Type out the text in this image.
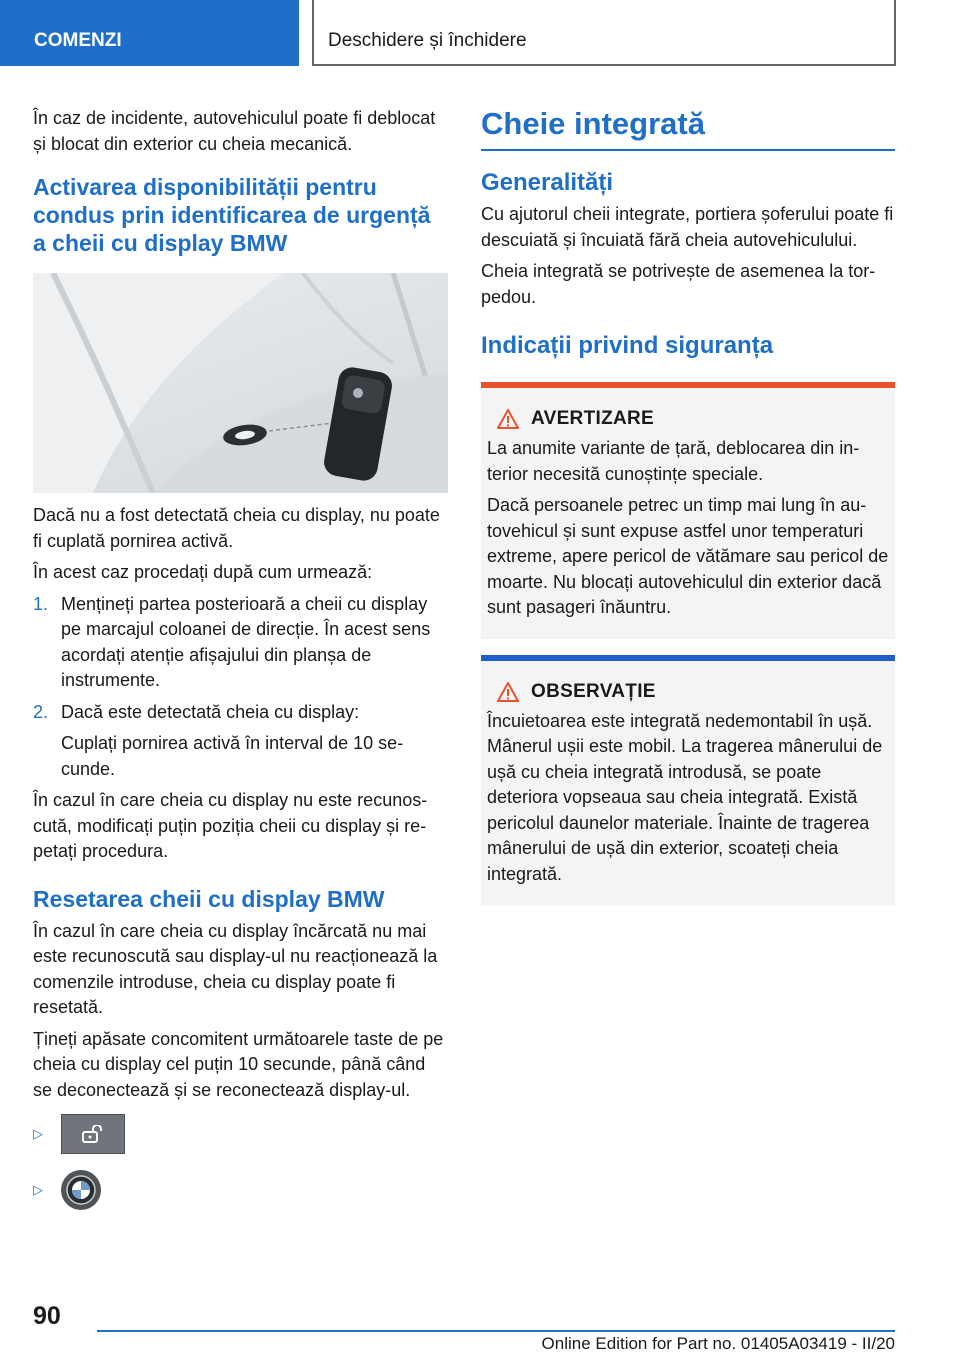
COMENZI	Deschidere și închidere

În caz de incidente, autovehiculul poate fi deblocat și blocat din exterior cu cheia mecanică.

Activarea disponibilității pentru condus prin identificarea de urgență a cheii cu display BMW

Dacă nu a fost detectată cheia cu display, nu poate fi cuplată pornirea activă.

În acest caz procedați după cum urmează:

1. Mențineți partea posterioară a cheii cu display pe marcajul coloanei de direcție. În acest sens acordați atenție afișajului din planșa de instrumente.
2. Dacă este detectată cheia cu display:
Cuplați pornirea activă în interval de 10 secunde.

În cazul în care cheia cu display nu este recunoscută, modificați puțin poziția cheii cu display și repetați procedura.

Resetarea cheii cu display BMW

În cazul în care cheia cu display încărcată nu mai este recunoscută sau display-ul nu reacționează la comenzile introduse, cheia cu display poate fi resetată.

Țineți apăsate concomitent următoarele taste de pe cheia cu display cel puțin 10 secunde, până când se deconectează și se reconectează display-ul.

▷
▷
Cheie integrată
Generalități

Cu ajutorul cheii integrate, portiera șoferului poate fi descuiată și încuiată fără cheia autovehiculului.

Cheia integrată se potrivește de asemenea la torpedou.

Indicații privind siguranța
AVERTIZARE

La anumite variante de țară, deblocarea din interior necesită cunoștințe speciale.

Dacă persoanele petrec un timp mai lung în autovehicul și sunt expuse astfel unor temperaturi extreme, apere pericol de vătămare sau pericol de moarte. Nu blocați autovehiculul din exterior dacă sunt pasageri înăuntru.

OBSERVAȚIE

Încuietoarea este integrată nedemontabil în ușă. Mânerul ușii este mobil. La tragerea mânerului de ușă cu cheia integrată introdusă, se poate deteriora vopseaua sau cheia integrată. Există pericolul daunelor materiale. Înainte de tragerea mânerului de ușă din exterior, scoateți cheia integrată.

90
Online Edition for Part no. 01405A03419 - II/20
